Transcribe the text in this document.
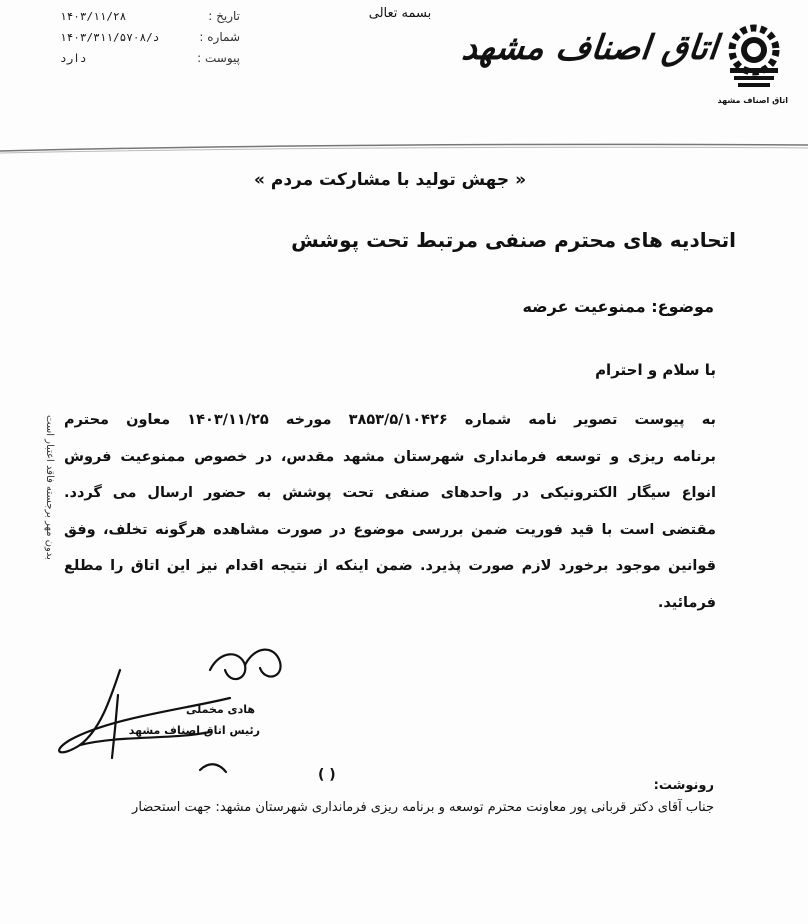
بسمه تعالی
تاریخ :
۱۴۰۳/۱۱/۲۸
شماره :
۱۴۰۳/۳۱۱/د/۵۷۰۸
پیوست :
دارد	اتاق اصناف مشهد
اتاق اصناف مشهد
« جهش تولید با مشارکت مردم »
اتحادیه های محترم صنفی مرتبط تحت پوشش
موضوع: ممنوعیت عرضه
با سلام و احترام
به پیوست تصویر نامه شماره ۳۸۵۳/۵/۱۰۴۲۶ مورخه ۱۴۰۳/۱۱/۲۵ معاون محترم
برنامه ریزی و توسعه فرمانداری شهرستان مشهد مقدس، در خصوص ممنوعیت فروش
انواع سیگار الکترونیکی در واحدهای صنفی تحت پوشش به حضور ارسال می گردد.
مقتضی است با قید فوریت ضمن بررسی موضوع در صورت مشاهده هرگونه تخلف، وفق
قوانین موجود برخورد لازم صورت پذیرد. ضمن اینکه از نتیجه اقدام نیز این اتاق را مطلع
فرمائید.
بدون مهر برجسته فاقد اعتبار است
هادی مخملی
رئیس اتاق اصناف مشهد
( )
رونوشت:
جناب آقای دکتر قربانی پور معاونت محترم توسعه و برنامه ریزی فرمانداری شهرستان مشهد: جهت استحضار
